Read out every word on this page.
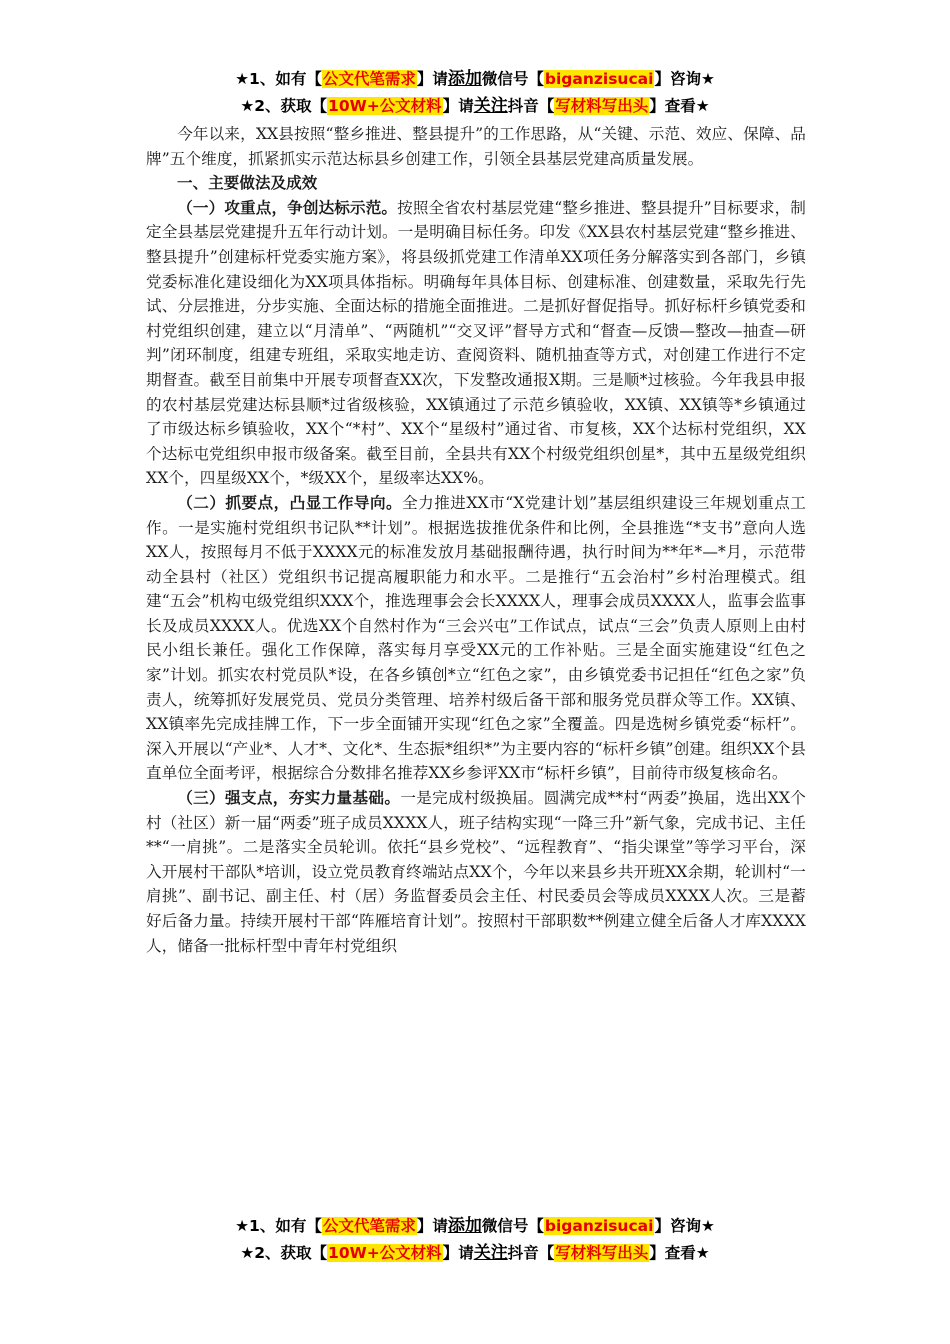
★1、如有【公文代笔需求】请添加微信号【biganzisucai】咨询★
★2、获取【10W+公文材料】请关注抖音【写材料写出头】查看★

今年以来，XX县按照“整乡推进、整县提升”的工作思路，从“关键、示范、效应、保障、品牌”五个维度，抓紧抓实示范达标县乡创建工作，引领全县基层党建高质量发展。

一、主要做法及成效

（一）攻重点，争创达标示范。按照全省农村基层党建“整乡推进、整县提升”目标要求，制定全县基层党建提升五年行动计划。一是明确目标任务。印发《XX县农村基层党建“整乡推进、整县提升”创建标杆党委实施方案》，将县级抓党建工作清单XX项任务分解落实到各部门，乡镇党委标准化建设细化为XX项具体指标。明确每年具体目标、创建标准、创建数量，采取先行先试、分层推进，分步实施、全面达标的措施全面推进。二是抓好督促指导。抓好标杆乡镇党委和村党组织创建，建立以“月清单”、“两随机”“交叉评”督导方式和“督查—反馈—整改—抽查—研判”闭环制度，组建专班组，采取实地走访、查阅资料、随机抽查等方式，对创建工作进行不定期督查。截至目前集中开展专项督查XX次，下发整改通报X期。三是顺*过核验。今年我县申报的农村基层党建达标县顺*过省级核验，XX镇通过了示范乡镇验收，XX镇、XX镇等*乡镇通过了市级达标乡镇验收，XX个“*村”、XX个“星级村”通过省、市复核，XX个达标村党组织，XX个达标屯党组织申报市级备案。截至目前，全县共有XX个村级党组织创星*，其中五星级党组织XX个，四星级XX个，*级XX个，星级率达XX%。

（二）抓要点，凸显工作导向。全力推进XX市“X党建计划”基层组织建设三年规划重点工作。一是实施村党组织书记队**计划”。根据选拔推优条件和比例，全县推选“*支书”意向人选XX人，按照每月不低于XXXX元的标准发放月基础报酬待遇，执行时间为**年*—*月，示范带动全县村（社区）党组织书记提高履职能力和水平。二是推行“五会治村”乡村治理模式。组建“五会”机构屯级党组织XXX个，推选理事会会长XXXX人，理事会成员XXXX人，监事会监事长及成员XXXX人。优选XX个自然村作为“三会兴屯”工作试点，试点“三会”负责人原则上由村民小组长兼任。强化工作保障，落实每月享受XX元的工作补贴。三是全面实施建设“红色之家”计划。抓实农村党员队*设，在各乡镇创*立“红色之家”，由乡镇党委书记担任“红色之家”负责人，统筹抓好发展党员、党员分类管理、培养村级后备干部和服务党员群众等工作。XX镇、XX镇率先完成挂牌工作，下一步全面铺开实现“红色之家”全覆盖。四是选树乡镇党委“标杆”。深入开展以“产业*、人才*、文化*、生态振*组织*”为主要内容的“标杆乡镇”创建。组织XX个县直单位全面考评，根据综合分数排名推荐XX乡参评XX市“标杆乡镇”，目前待市级复核命名。

（三）强支点，夯实力量基础。一是完成村级换届。圆满完成**村“两委”换届，选出XX个村（社区）新一届“两委”班子成员XXXX人，班子结构实现“一降三升”新气象，完成书记、主任**“一肩挑”。二是落实全员轮训。依托“县乡党校”、“远程教育”、“指尖课堂”等学习平台，深入开展村干部队*培训，设立党员教育终端站点XX个，今年以来县乡共开班XX余期，轮训村“一肩挑”、副书记、副主任、村（居）务监督委员会主任、村民委员会等成员XXXX人次。三是蓄好后备力量。持续开展村干部“阵雁培育计划”。按照村干部职数**例建立健全后备人才库XXXX人，储备一批标杆型中青年村党组织

★1、如有【公文代笔需求】请添加微信号【biganzisucai】咨询★
★2、获取【10W+公文材料】请关注抖音【写材料写出头】查看★
